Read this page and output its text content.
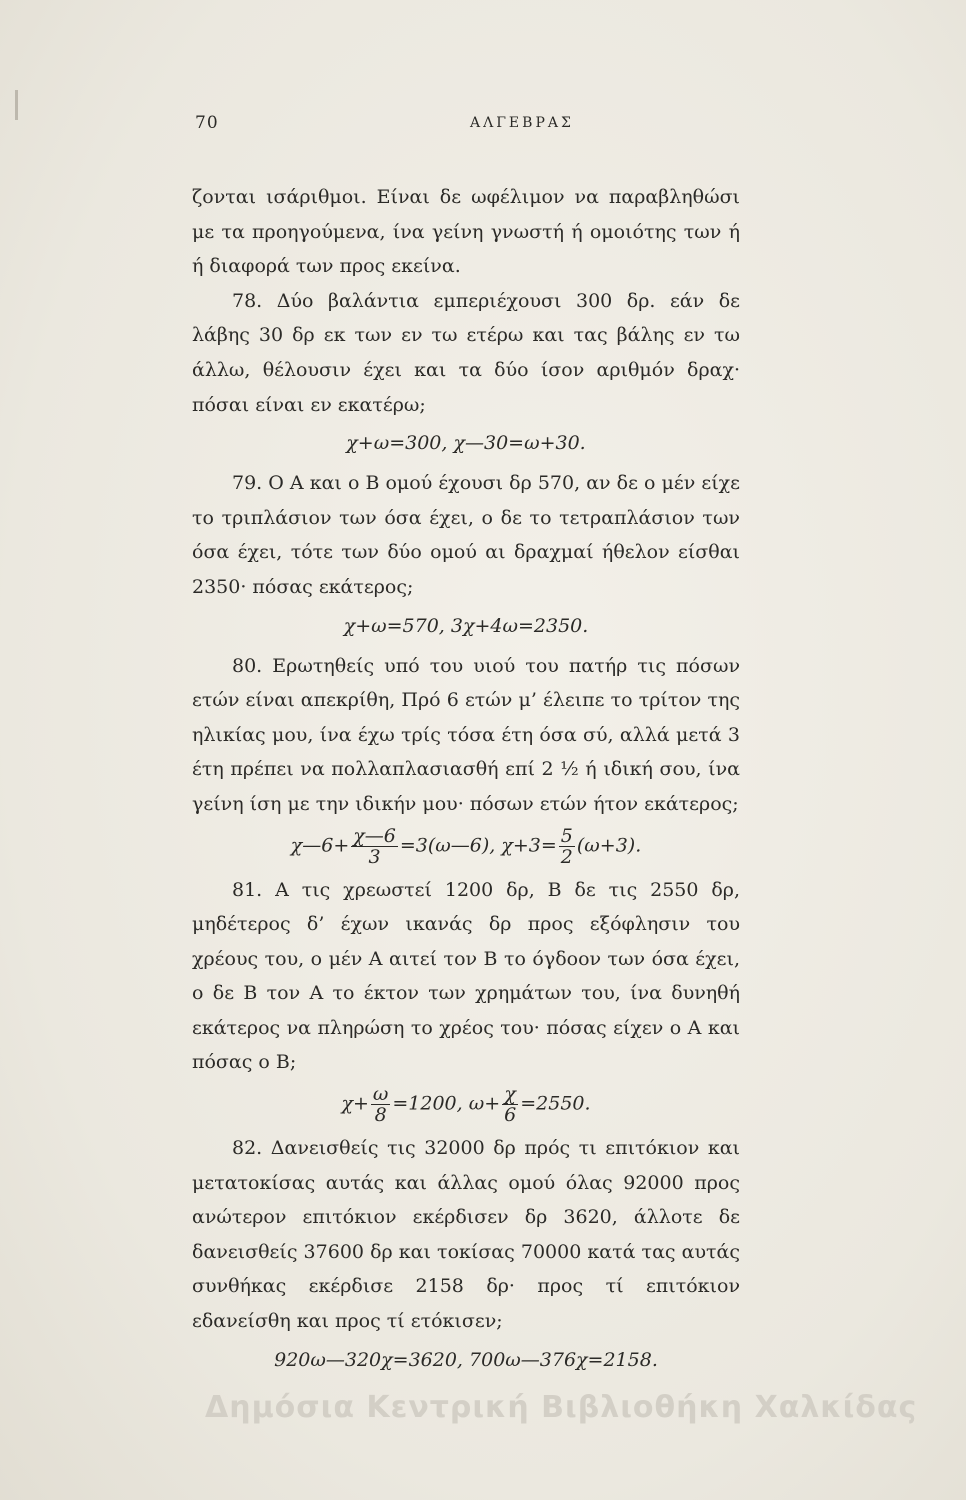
70	ΑΛΓΕΒΡΑΣ

ζονται ισάριθμοι. Είναι δε ωφέλιμον να παραβληθώσι με τα προηγούμενα, ίνα γείνη γνωστή ή ομοιότης των ή ή διαφορά των προς εκείνα.

78. Δύο βαλάντια εμπεριέχουσι 300 δρ. εάν δε λάβης 30 δρ εκ των εν τω ετέρω και τας βάλης εν τω άλλω, θέλουσιν έχει και τα δύο ίσον αριθμόν δραχ· πόσαι είναι εν εκατέρω;

χ+ω=300, χ—30=ω+30.

79. Ο Α και ο Β ομού έχουσι δρ 570, αν δε ο μέν είχε το τριπλάσιον των όσα έχει, ο δε το τετραπλάσιον των όσα έχει, τότε των δύο ομού αι δραχμαί ήθελον είσθαι 2350· πόσας εκάτερος;

χ+ω=570, 3χ+4ω=2350.

80. Ερωτηθείς υπό του υιού του πατήρ τις πόσων ετών είναι απεκρίθη, Πρό 6 ετών μ’ έλειπε το τρίτον της ηλικίας μου, ίνα έχω τρίς τόσα έτη όσα σύ, αλλά μετά 3 έτη πρέπει να πολλαπλασιασθή επί 2 ½ ή ιδική σου, ίνα γείνη ίση με την ιδικήν μου· πόσων ετών ήτον εκάτερος;

χ—6+ $\frac{\chi—6}{3}$ =3(ω—6), $\chi+3= \frac{5}{2} (\omega+3)$.

81. Α τις χρεωστεί 1200 δρ, Β δε τις 2550 δρ, μηδέτερος δ’ έχων ικανάς δρ προς εξόφλησιν του χρέους του, ο μέν Α αιτεί τον Β το όγδοον των όσα έχει, ο δε Β τον Α το έκτον των χρημάτων του, ίνα δυνηθή εκάτερος να πληρώση το χρέος του· πόσας είχεν ο Α και πόσας ο Β;

$\chi+ \frac{\omega}{8} =1200$, $\omega+ \frac{\chi}{6} =2550$.

82. Δανεισθείς τις 32000 δρ πρός τι επιτόκιον και μετατοκίσας αυτάς και άλλας ομού όλας 92000 προς ανώτερον επιτόκιον εκέρδισεν δρ 3620, άλλοτε δε δανεισθείς 37600 δρ και τοκίσας 70000 κατά τας αυτάς συνθήκας εκέρδισε 2158 δρ· προς τί επιτόκιον εδανείσθη και προς τί ετόκισεν;

920ω—320χ=3620, 700ω—376χ=2158.
Δημόσια Κεντρική Βιβλιοθήκη Χαλκίδας
